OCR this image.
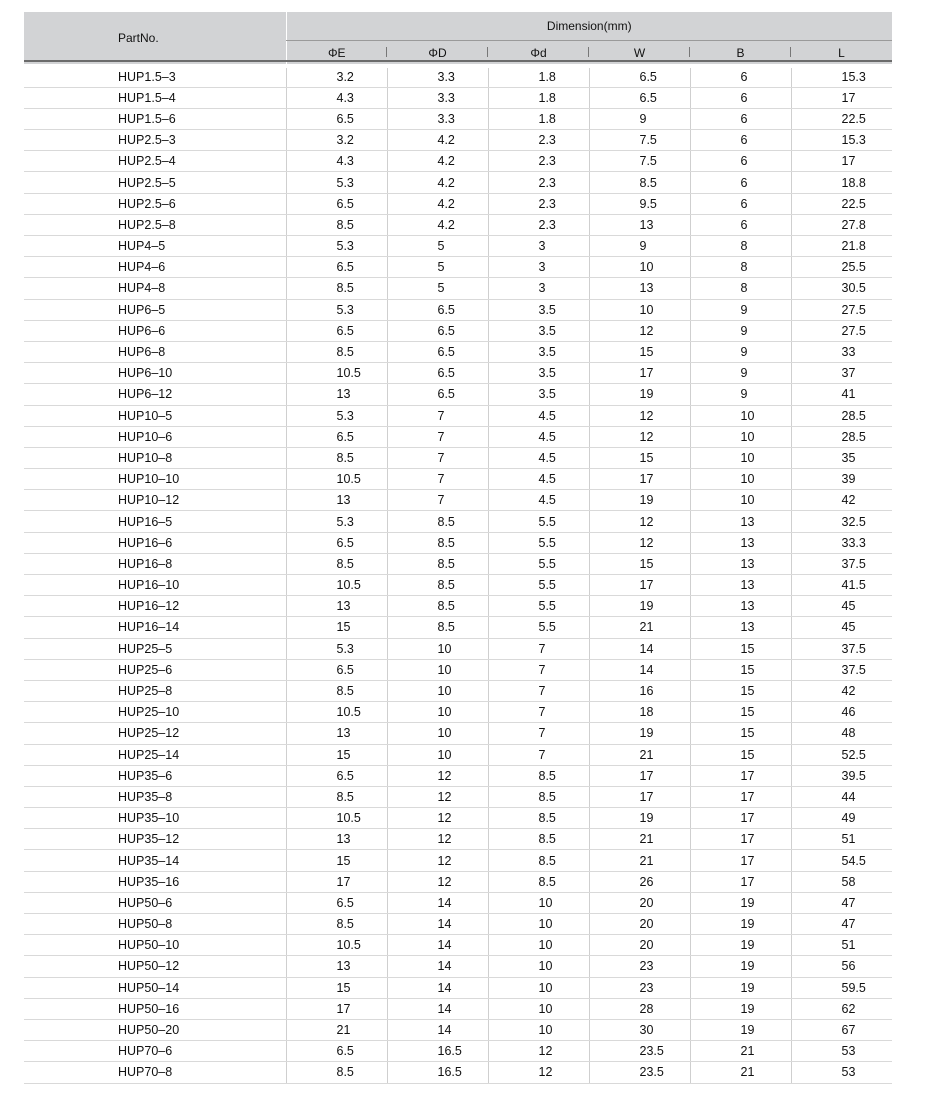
PartNo.	Dimension(mm)					
	ΦE	ΦD	Φd	W	B	L
HUP1.5–3	3.2	3.3	1.8	6.5	6	15.3
HUP1.5–4	4.3	3.3	1.8	6.5	6	17
HUP1.5–6	6.5	3.3	1.8	9	6	22.5
HUP2.5–3	3.2	4.2	2.3	7.5	6	15.3
HUP2.5–4	4.3	4.2	2.3	7.5	6	17
HUP2.5–5	5.3	4.2	2.3	8.5	6	18.8
HUP2.5–6	6.5	4.2	2.3	9.5	6	22.5
HUP2.5–8	8.5	4.2	2.3	13	6	27.8
HUP4–5	5.3	5	3	9	8	21.8
HUP4–6	6.5	5	3	10	8	25.5
HUP4–8	8.5	5	3	13	8	30.5
HUP6–5	5.3	6.5	3.5	10	9	27.5
HUP6–6	6.5	6.5	3.5	12	9	27.5
HUP6–8	8.5	6.5	3.5	15	9	33
HUP6–10	10.5	6.5	3.5	17	9	37
HUP6–12	13	6.5	3.5	19	9	41
HUP10–5	5.3	7	4.5	12	10	28.5
HUP10–6	6.5	7	4.5	12	10	28.5
HUP10–8	8.5	7	4.5	15	10	35
HUP10–10	10.5	7	4.5	17	10	39
HUP10–12	13	7	4.5	19	10	42
HUP16–5	5.3	8.5	5.5	12	13	32.5
HUP16–6	6.5	8.5	5.5	12	13	33.3
HUP16–8	8.5	8.5	5.5	15	13	37.5
HUP16–10	10.5	8.5	5.5	17	13	41.5
HUP16–12	13	8.5	5.5	19	13	45
HUP16–14	15	8.5	5.5	21	13	45
HUP25–5	5.3	10	7	14	15	37.5
HUP25–6	6.5	10	7	14	15	37.5
HUP25–8	8.5	10	7	16	15	42
HUP25–10	10.5	10	7	18	15	46
HUP25–12	13	10	7	19	15	48
HUP25–14	15	10	7	21	15	52.5
HUP35–6	6.5	12	8.5	17	17	39.5
HUP35–8	8.5	12	8.5	17	17	44
HUP35–10	10.5	12	8.5	19	17	49
HUP35–12	13	12	8.5	21	17	51
HUP35–14	15	12	8.5	21	17	54.5
HUP35–16	17	12	8.5	26	17	58
HUP50–6	6.5	14	10	20	19	47
HUP50–8	8.5	14	10	20	19	47
HUP50–10	10.5	14	10	20	19	51
HUP50–12	13	14	10	23	19	56
HUP50–14	15	14	10	23	19	59.5
HUP50–16	17	14	10	28	19	62
HUP50–20	21	14	10	30	19	67
HUP70–6	6.5	16.5	12	23.5	21	53
HUP70–8	8.5	16.5	12	23.5	21	53
